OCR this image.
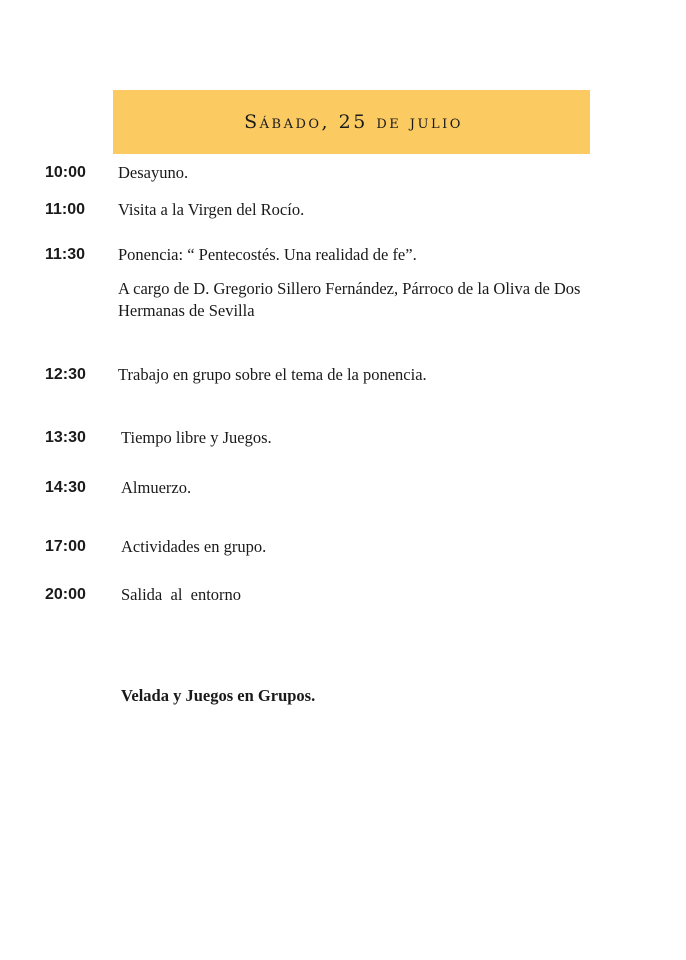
Sábado, 25 de julio
10:00 Desayuno.
11:00 Visita a la Virgen del Rocío.
11:30 Ponencia: “ Pentecostés. Una realidad de fe”.
A cargo de D. Gregorio Sillero Fernández, Párroco de la Oliva de Dos Hermanas de Sevilla
12:30 Trabajo en grupo sobre el tema de la ponencia.
13:30 Tiempo libre y Juegos.
14:30 Almuerzo.
17:00 Actividades en grupo.
20:00 Salida  al  entorno
Velada y Juegos en Grupos.
